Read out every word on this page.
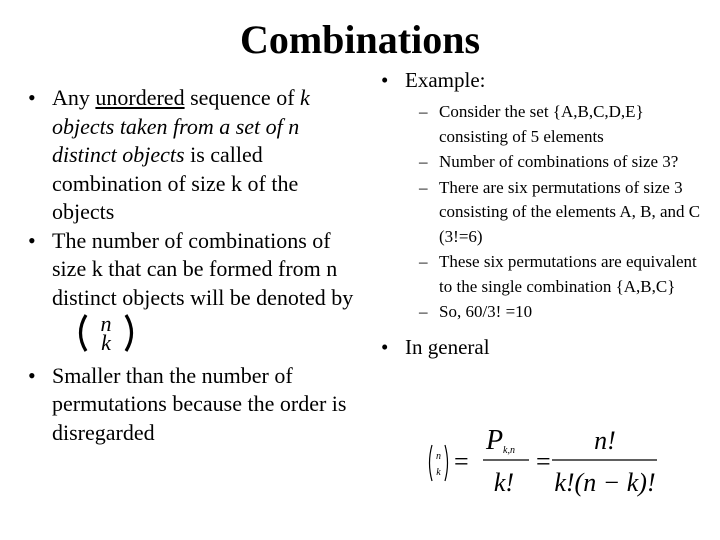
Combinations
• Any unordered sequence of k objects taken from a set of n distinct objects is called combination of size k of the objects
• The number of combinations of size k that can be formed from n distinct objects will be denoted by
n
k
• Smaller than the number of permutations because the order is disregarded
• Example:
– Consider the set {A,B,C,D,E} consisting of 5 elements
– Number of combinations of size 3?
– There are six permutations of size 3 consisting of the elements A, B, and C (3!=6)
– These six permutations are equivalent to the single combination {A,B,C}
– So, 60/3! =10
• In general
n
k =
P k,n
k!
=
n!
k!(n − k)!
